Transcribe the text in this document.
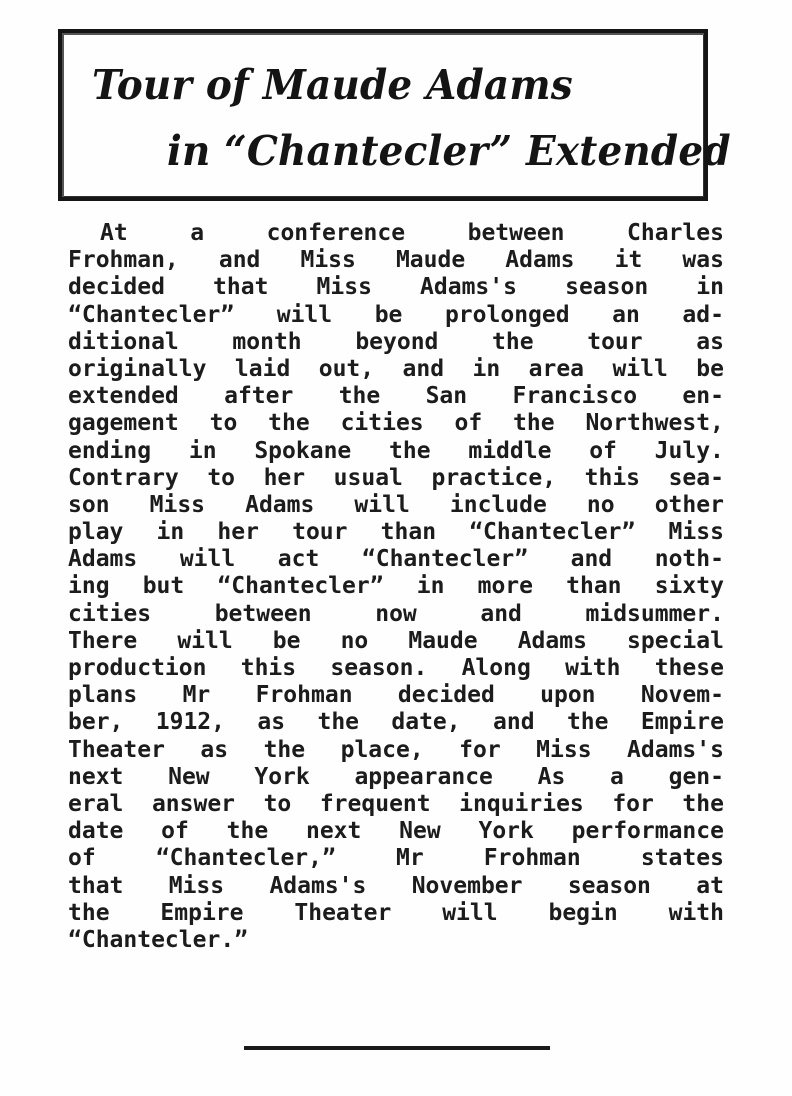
Tour of Maude Adams
in “Chantecler” Extended
At	a	conference	between	Charles
Frohman, and Miss Maude Adams it was
decided that Miss Adams's season in
“Chantecler” will be prolonged an ad-
ditional month beyond the tour as
originally laid out, and in area will be
extended after the San Francisco en-
gagement to the cities of the Northwest,
ending in Spokane the middle of July.
Contrary to her usual practice, this sea-
son Miss Adams will include no other
play in her tour than “Chantecler” Miss
Adams will act “Chantecler” and noth-
ing but “Chantecler” in more than sixty
cities	between	now	and	midsummer.
There will be no Maude Adams special
production this season. Along with these
plans Mr Frohman decided upon Novem-
ber, 1912, as the date, and the Empire
Theater as the place, for Miss Adams's
next New York appearance As a gen-
eral answer to frequent inquiries for the
date of the next New York performance
of	“Chantecler,”	Mr	Frohman	states
that Miss Adams's November season at
the Empire Theater will begin with
“Chantecler.”
